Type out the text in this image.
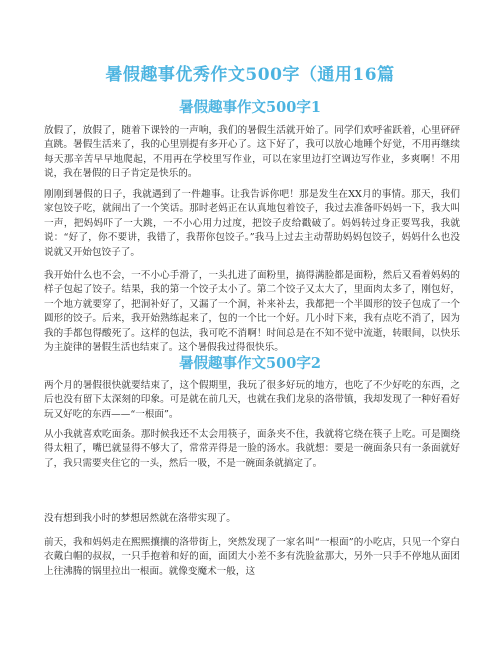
暑假趣事优秀作文500字（通用16篇
暑假趣事作文500字1

放假了，放假了，随着下课铃的一声响，我们的暑假生活就开始了。同学们欢呼雀跃着，心里砰砰直跳。暑假生活来了，我的心里别提有多开心了。这下好了，我可以放心地睡个好觉，不用再继续每天那辛苦早早地爬起，不用再在学校里写作业，可以在家里边打空调边写作业，多爽啊！不用说，我在暑假的日子肯定是快乐的。

刚刚到暑假的日子，我就遇到了一件趣事。让我告诉你吧！那是发生在XX月的事情。那天，我们家包饺子吃，就闹出了一个笑话。那时老妈正在认真地包着饺子，我过去准备吓妈妈一下，我大叫一声，把妈妈吓了一大跳，一不小心用力过度，把饺子皮给戳破了。妈妈转过身正要骂我，我就说：“好了，你不要讲，我错了，我帮你包饺子。”我马上过去主动帮助妈妈包饺子，妈妈什么也没说就又开始包饺子了。

我开始什么也不会，一不小心手滑了，一头扎进了面粉里，搞得满脸都是面粉，然后又看着妈妈的样子包起了饺子。结果，我的第一个饺子太小了。第二个饺子又太大了，里面肉太多了，刚包好，一个地方就要穿了，把洞补好了，又漏了一个洞，补来补去，我都把一个半圆形的饺子包成了一个圆形的饺子。后来，我开始熟练起来了，包的一个比一个好。几小时下来，我有点吃不消了，因为我的手都包得酸死了。这样的包法，我可吃不消啊！时间总是在不知不觉中流逝，转眼间，以快乐为主旋律的暑假生活也结束了。这个暑假我过得很快乐。

暑假趣事作文500字2

两个月的暑假很快就要结束了，这个假期里，我玩了很多好玩的地方，也吃了不少好吃的东西，之后也没有留下太深刻的印象。可是就在前几天，也就在我们龙泉的洛带镇，我却发现了一种好看好玩又好吃的东西——“一根面”。

从小我就喜欢吃面条。那时候我还不太会用筷子，面条夹不住，我就将它绕在筷子上吃。可是圈绕得太粗了，嘴巴就显得不够大了，常常弄得是一脸的汤水。我就想：要是一碗面条只有一条面就好了，我只需要夹住它的一头，然后一吸，不是一碗面条就搞定了。

没有想到我小时的梦想居然就在洛带实现了。

前天，我和妈妈走在熙熙攘攘的洛带街上，突然发现了一家名叫“一根面”的小吃店，只见一个穿白衣戴白帽的叔叔，一只手抱着和好的面，面团大小差不多有洗脸盆那大，另外一只手不停地从面团上往沸腾的锅里拉出一根面。就像变魔术一般，这
